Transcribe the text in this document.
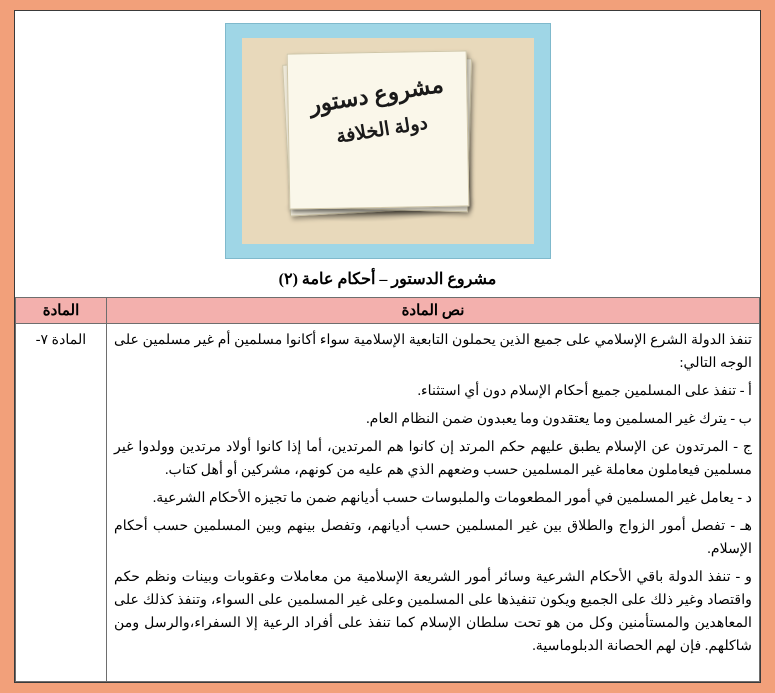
مشروع دستور
دولة الخلافة
مشروع الدستور – أحكام عامة (٢)
نص المادة	المادة

تنفذ الدولة الشرع الإسلامي على جميع الذين يحملون التابعية الإسلامية سواء أكانوا مسلمين أم غير مسلمين على الوجه التالي:

أ - تنفذ على المسلمين جميع أحكام الإسلام دون أي استثناء.

ب - يترك غير المسلمين وما يعتقدون وما يعبدون ضمن النظام العام.

ج - المرتدون عن الإسلام يطبق عليهم حكم المرتد إن كانوا هم المرتدين، أما إذا كانوا أولاد مرتدين وولدوا غير مسلمين فيعاملون معاملة غير المسلمين حسب وضعهم الذي هم عليه من كونهم، مشركين أو أهل كتاب.

د - يعامل غير المسلمين في أمور المطعومات والملبوسات حسب أديانهم ضمن ما تجيزه الأحكام الشرعية.

هـ - تفصل أمور الزواج والطلاق بين غير المسلمين حسب أديانهم، وتفصل بينهم وبين المسلمين حسب أحكام الإسلام.

و - تنفذ الدولة باقي الأحكام الشرعية وسائر أمور الشريعة الإسلامية من معاملات وعقوبات وبينات ونظم حكم واقتصاد وغير ذلك على الجميع ويكون تنفيذها على المسلمين وعلى غير المسلمين على السواء، وتنفذ كذلك على المعاهدين والمستأمنين وكل من هو تحت سلطان الإسلام كما تنفذ على أفراد الرعية إلا السفراء،والرسل ومن شاكلهم. فإن لهم الحصانة الدبلوماسية.

	المادة ٧-
